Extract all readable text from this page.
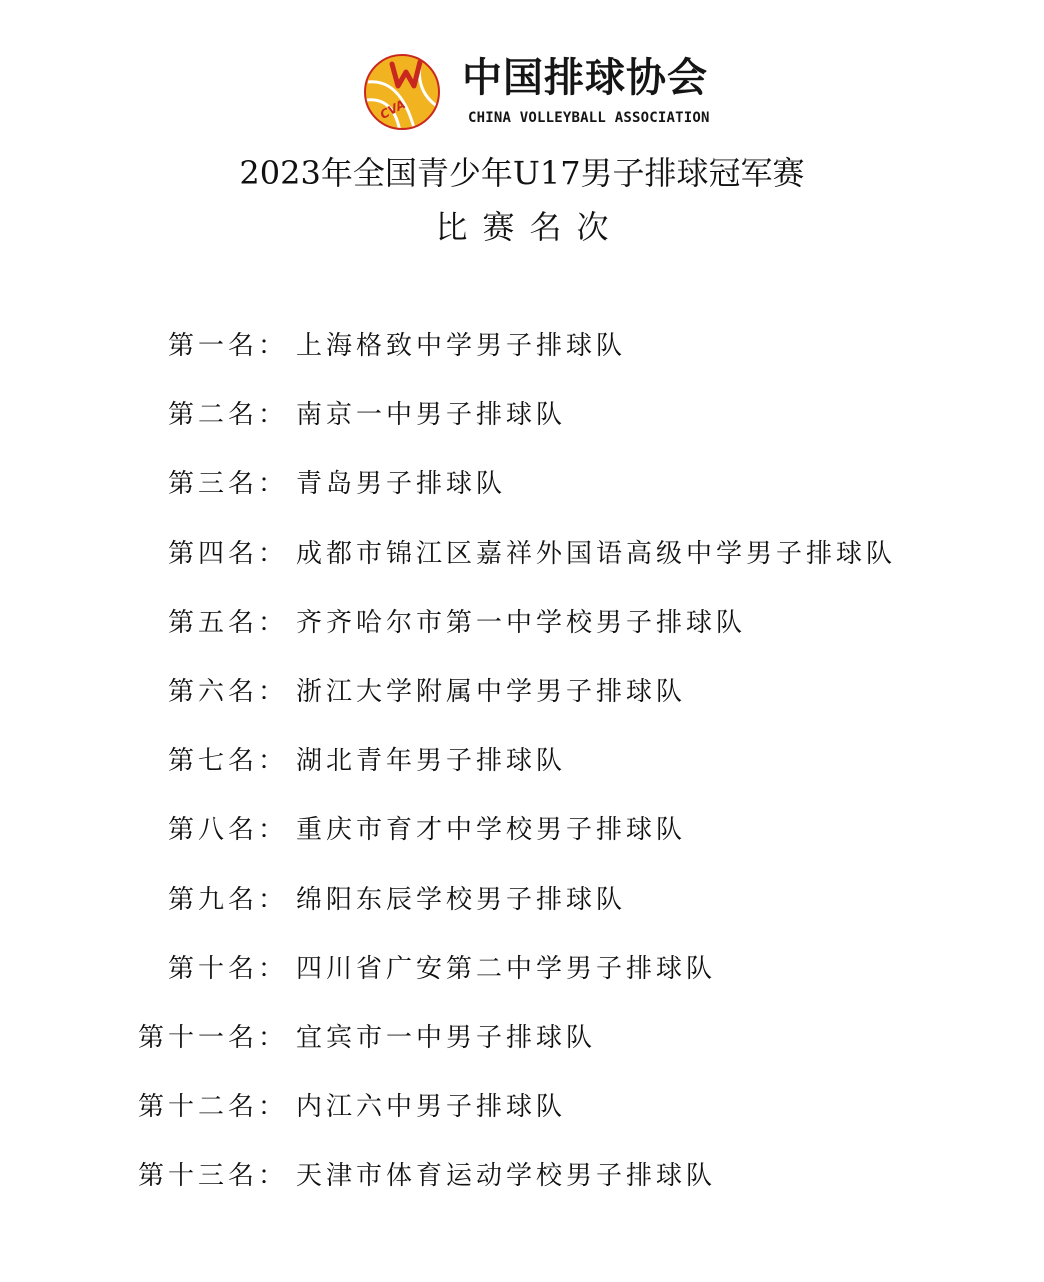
CVA
中国排球协会
CHINA VOLLEYBALL ASSOCIATION
2023年全国青少年U17男子排球冠军赛
比赛名次
第一名： 上海格致中学男子排球队
第二名： 南京一中男子排球队
第三名： 青岛男子排球队
第四名： 成都市锦江区嘉祥外国语高级中学男子排球队
第五名： 齐齐哈尔市第一中学校男子排球队
第六名： 浙江大学附属中学男子排球队
第七名： 湖北青年男子排球队
第八名： 重庆市育才中学校男子排球队
第九名： 绵阳东辰学校男子排球队
第十名： 四川省广安第二中学男子排球队
第十一名： 宜宾市一中男子排球队
第十二名： 内江六中男子排球队
第十三名： 天津市体育运动学校男子排球队
